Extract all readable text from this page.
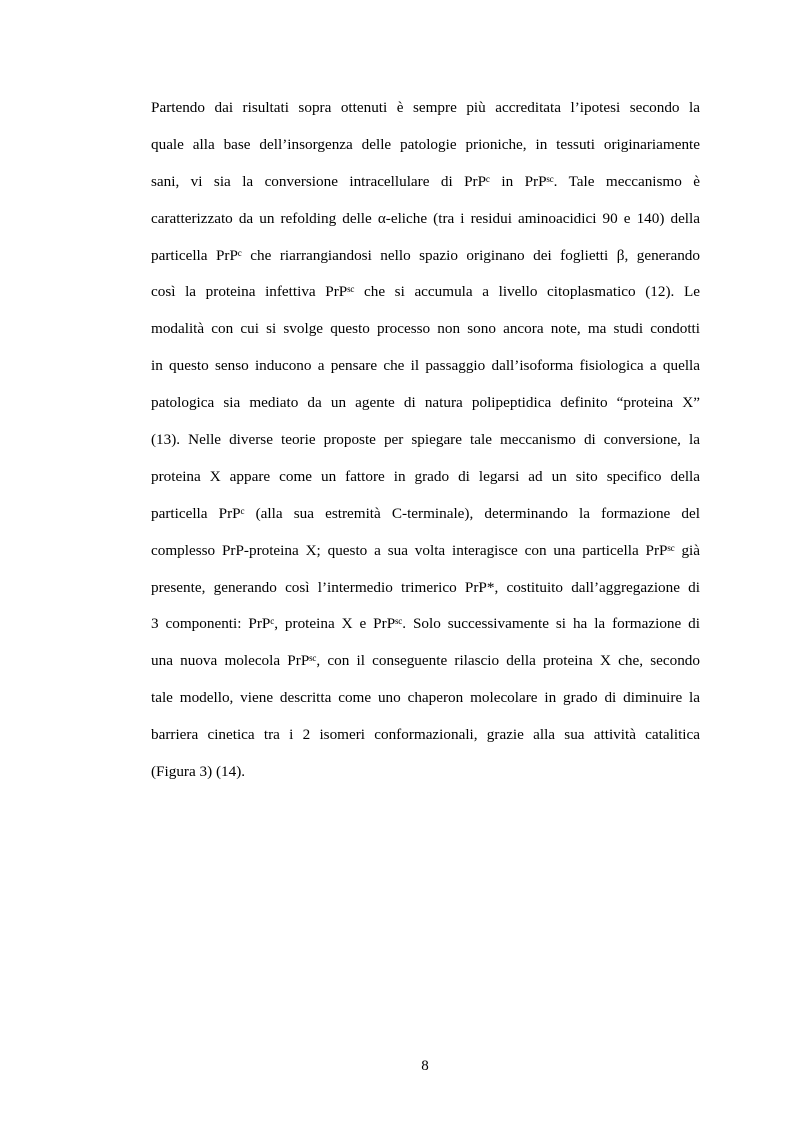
Partendo dai risultati sopra ottenuti è sempre più accreditata l’ipotesi secondo la
quale alla base dell’insorgenza delle patologie prioniche, in tessuti originariamente
sani, vi sia la conversione intracellulare di PrPᶜ in PrPˢᶜ. Tale meccanismo è
caratterizzato da un refolding delle α-eliche (tra i residui aminoacidici 90 e 140) della
particella PrPᶜ che riarrangiandosi nello spazio originano dei foglietti β, generando
così la proteina infettiva PrPˢᶜ che si accumula a livello citoplasmatico (12). Le
modalità con cui si svolge questo processo non sono ancora note, ma studi condotti
in questo senso inducono a pensare che il passaggio dall’isoforma fisiologica a quella
patologica sia mediato da un agente di natura polipeptidica definito “proteina X”
(13). Nelle diverse teorie proposte per spiegare tale meccanismo di conversione, la
proteina X appare come un fattore in grado di legarsi ad un sito specifico della
particella PrPᶜ (alla sua estremità C-terminale), determinando la formazione del
complesso PrP-proteina X; questo a sua volta interagisce con una particella PrPˢᶜ già
presente, generando così l’intermedio trimerico PrP*, costituito dall’aggregazione di
3 componenti: PrPᶜ, proteina X e PrPˢᶜ. Solo successivamente si ha la formazione di
una nuova molecola PrPˢᶜ, con il conseguente rilascio della proteina X che, secondo
tale modello, viene descritta come uno chaperon molecolare in grado di diminuire la
barriera cinetica tra i 2 isomeri conformazionali, grazie alla sua attività catalitica
(Figura 3) (14).
8
